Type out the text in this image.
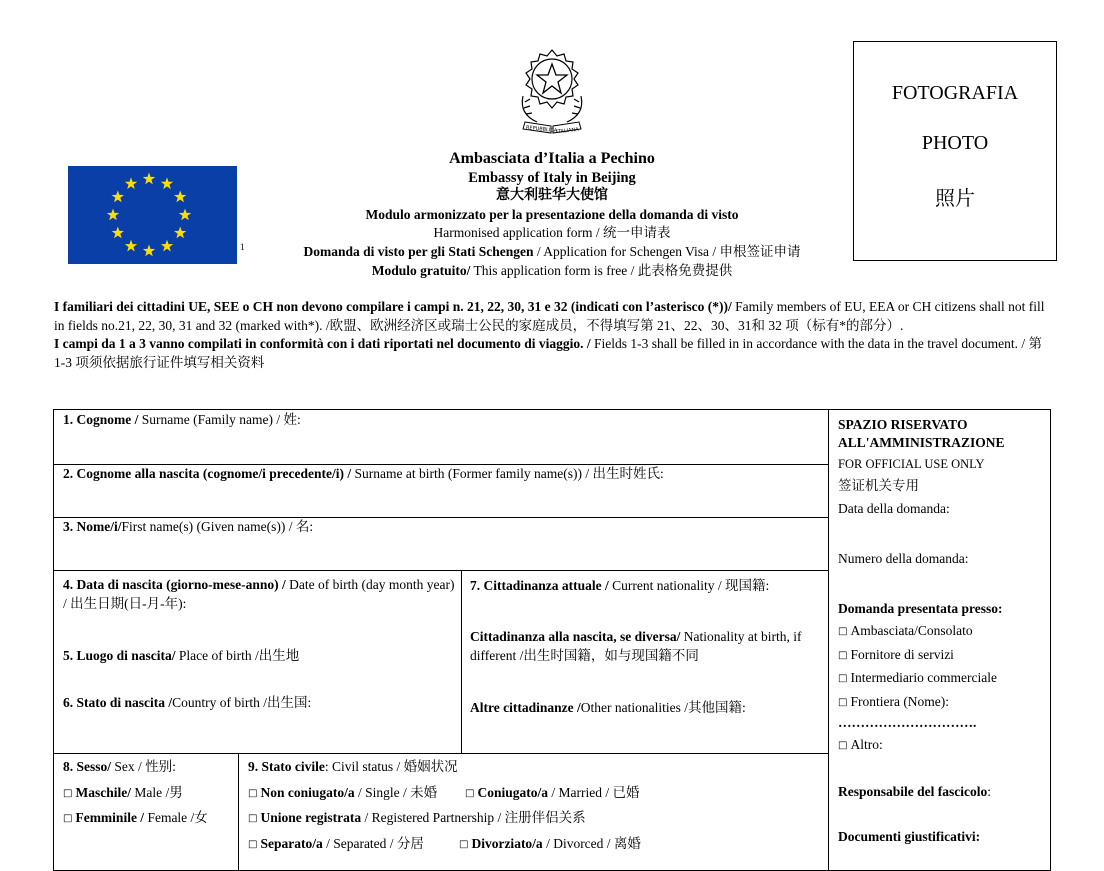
1
REPUBBLICA
ITALIANA
Ambasciata d’Italia a Pechino
Embassy of Italy in Beijing
意大利驻华大使馆
Modulo armonizzato per la presentazione della domanda di visto
Harmonised application form / 统一申请表
Domanda di visto per gli Stati Schengen / Application for Schengen Visa / 申根签证申请
Modulo gratuito/ This application form is free / 此表格免费提供
FOTOGRAFIA
PHOTO
照片

I familiari dei cittadini UE, SEE o CH non devono compilare i campi n. 21, 22, 30, 31 e 32 (indicati con l’asterisco (*))/ Family members of EU, EEA or CH citizens shall not fill in fields no.21, 22, 30, 31 and 32 (marked with*). /欧盟、欧洲经济区或瑞士公民的家庭成员，不得填写第 21、22、30、31和 32 项（标有*的部分）.

I campi da 1 a 3 vanno compilati in conformità con i dati riportati nel documento di viaggio. / Fields 1-3 shall be filled in in accordance with the data in the travel document. / 第 1-3 项须依据旅行证件填写相关资料

1. Cognome / Surname (Family name) / 姓:
2. Cognome alla nascita (cognome/i precedente/i) / Surname at birth (Former family name(s)) / 出生时姓氏:
3. Nome/i/First name(s) (Given name(s)) / 名:
4. Data di nascita (giorno-mese-anno) / Date of birth (day month year) / 出生日期(日-月-年):
5. Luogo di nascita/ Place of birth /出生地
6. Stato di nascita /Country of birth /出生国:
7. Cittadinanza attuale / Current nationality / 现国籍:
Cittadinanza alla nascita, se diversa/ Nationality at birth, if different /出生时国籍，如与现国籍不同
Altre cittadinanze /Other nationalities /其他国籍:
8. Sesso/ Sex / 性别:
□ Maschile/ Male /男
□ Femminile / Female /女
9. Stato civile: Civil status / 婚姻状况
□ Non coniugato/a / Single / 未婚	□ Coniugato/a / Married / 已婚
□ Unione registrata / Registered Partnership / 注册伴侣关系
□ Separato/a / Separated / 分居	□ Divorziato/a / Divorced / 离婚
SPAZIO RISERVATO
ALL'AMMINISTRAZIONE
FOR OFFICIAL USE ONLY
签证机关专用
Data della domanda:
Numero della domanda:
Domanda presentata presso:
□ Ambasciata/Consolato
□ Fornitore di servizi
□ Intermediario commerciale
□ Frontiera (Nome):
………………………….
□ Altro:
Responsabile del fascicolo:
Documenti giustificativi:
